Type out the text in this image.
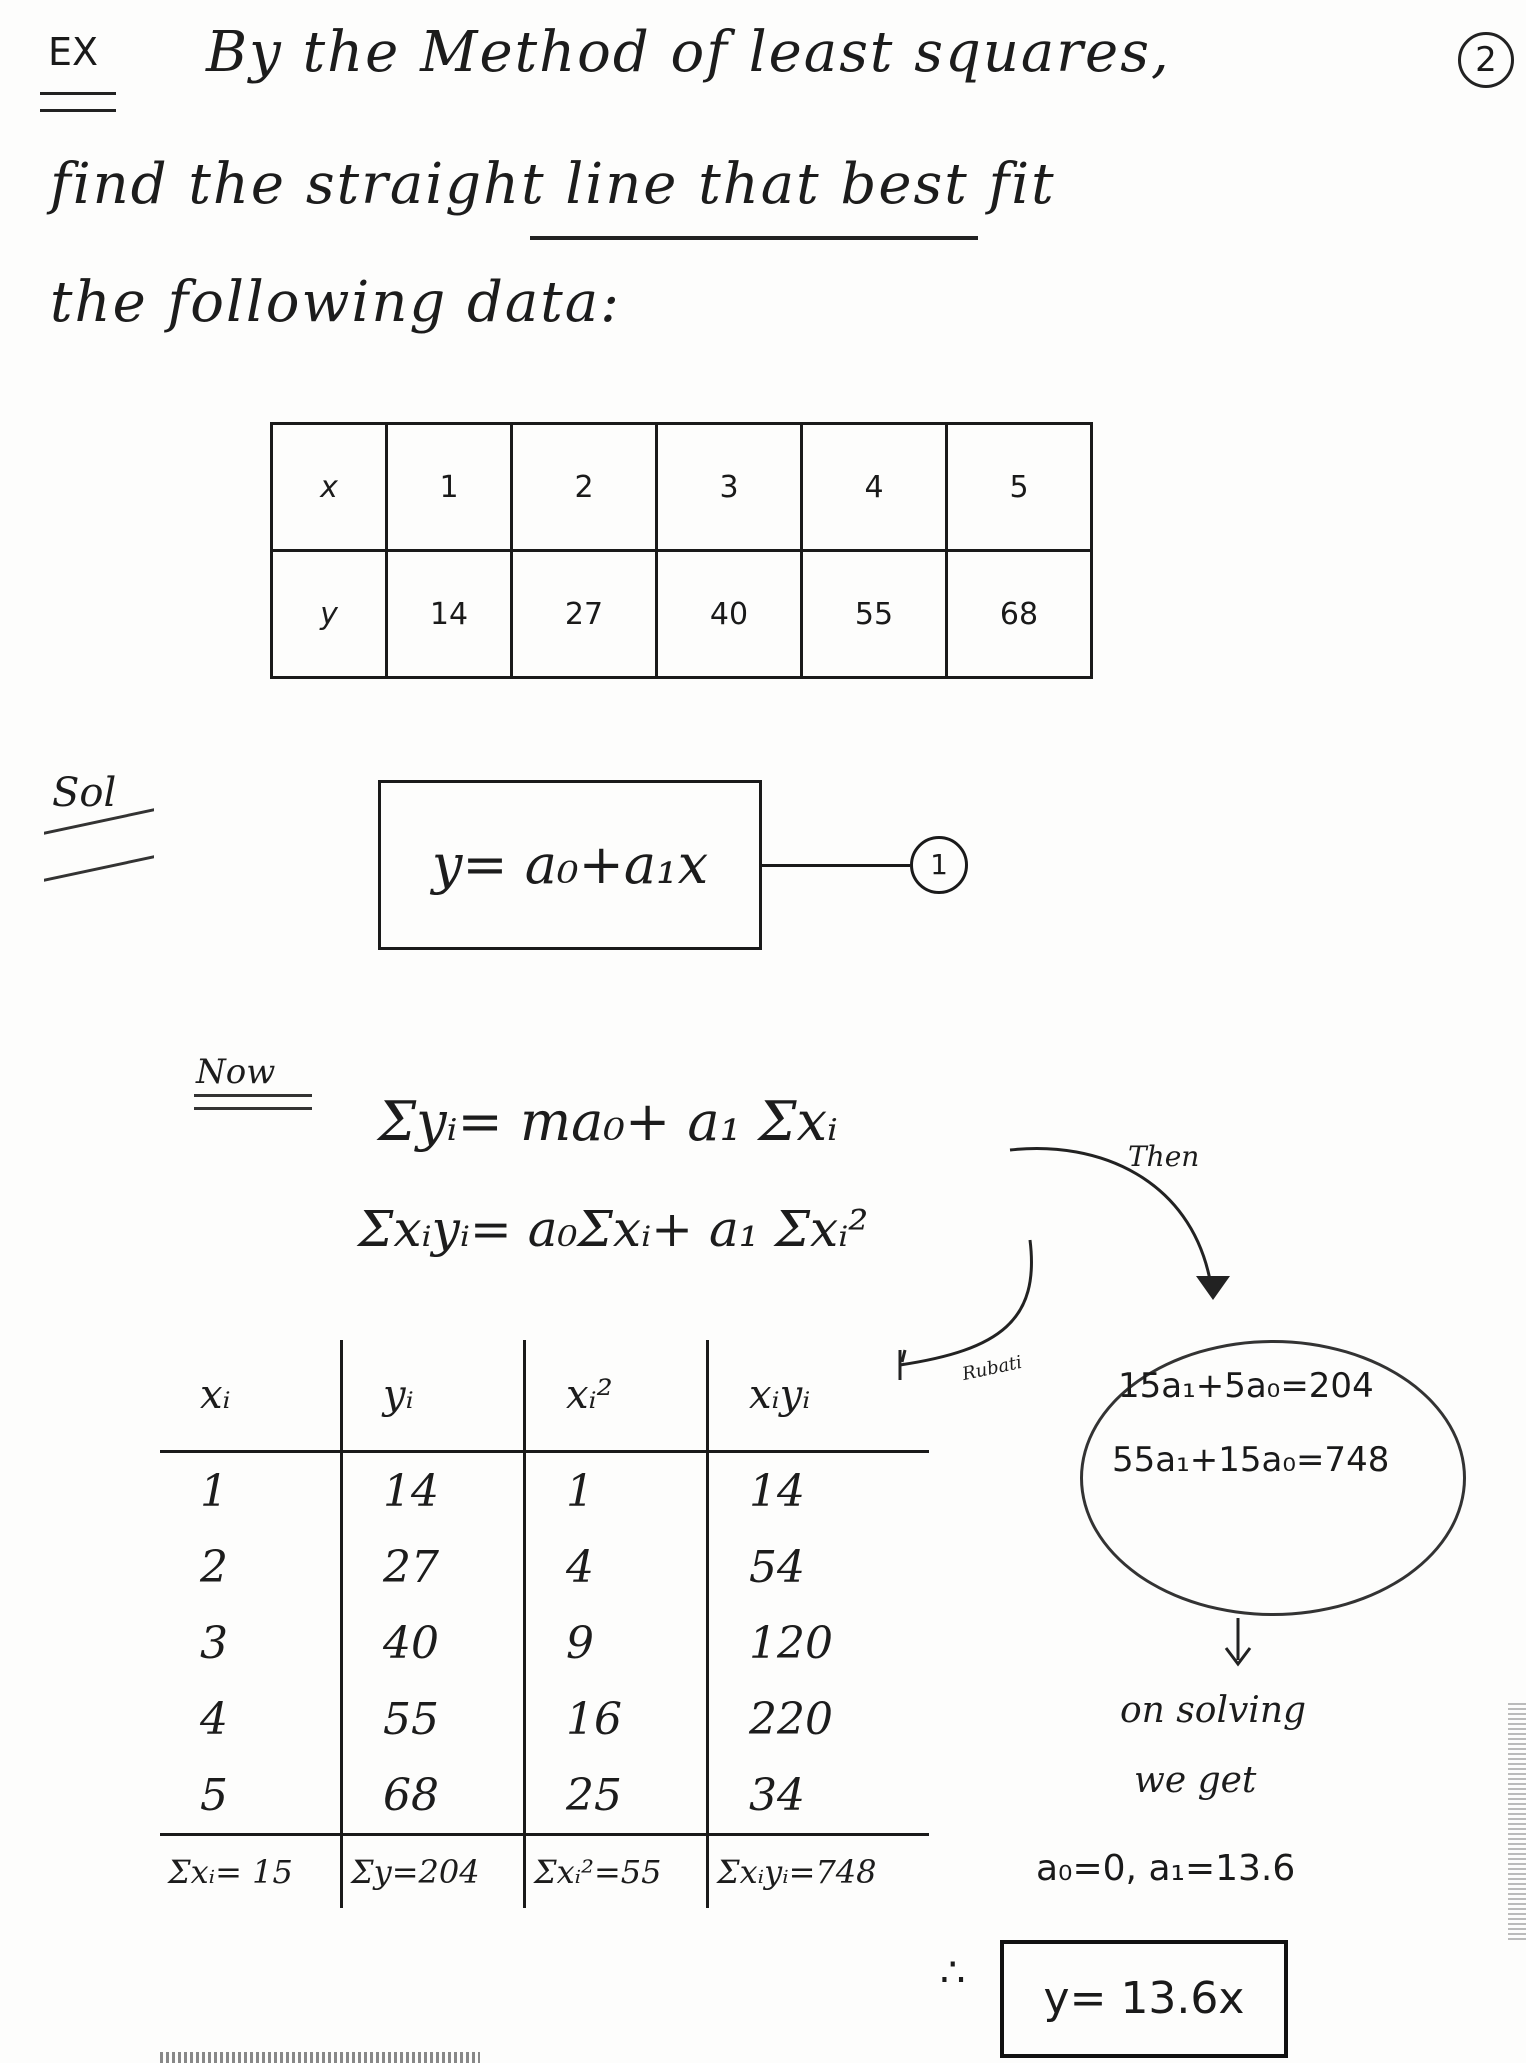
EX By the Method of least squares,	2
find the straight line that best fit
the following data:
x	1	2	3	4	5
y	14	27	40	55	68
Sol
y= a₀+a₁x	1
Now
Σyᵢ= ma₀+ a₁ Σxᵢ
Σxᵢyᵢ= a₀Σxᵢ+ a₁ Σxᵢ²
Then
Rubati
xᵢ	yᵢ	xᵢ²	xᵢyᵢ
1	14	1	14
2	27	4	54
3	40	9	120
4	55	16	220
5	68	25	34
Σxᵢ= 15	Σy=204	Σxᵢ²=55	Σxᵢyᵢ=748
15a₁+5a₀=204
55a₁+15a₀=748
on solving
we get
a₀=0, a₁=13.6
∴	y= 13.6x
